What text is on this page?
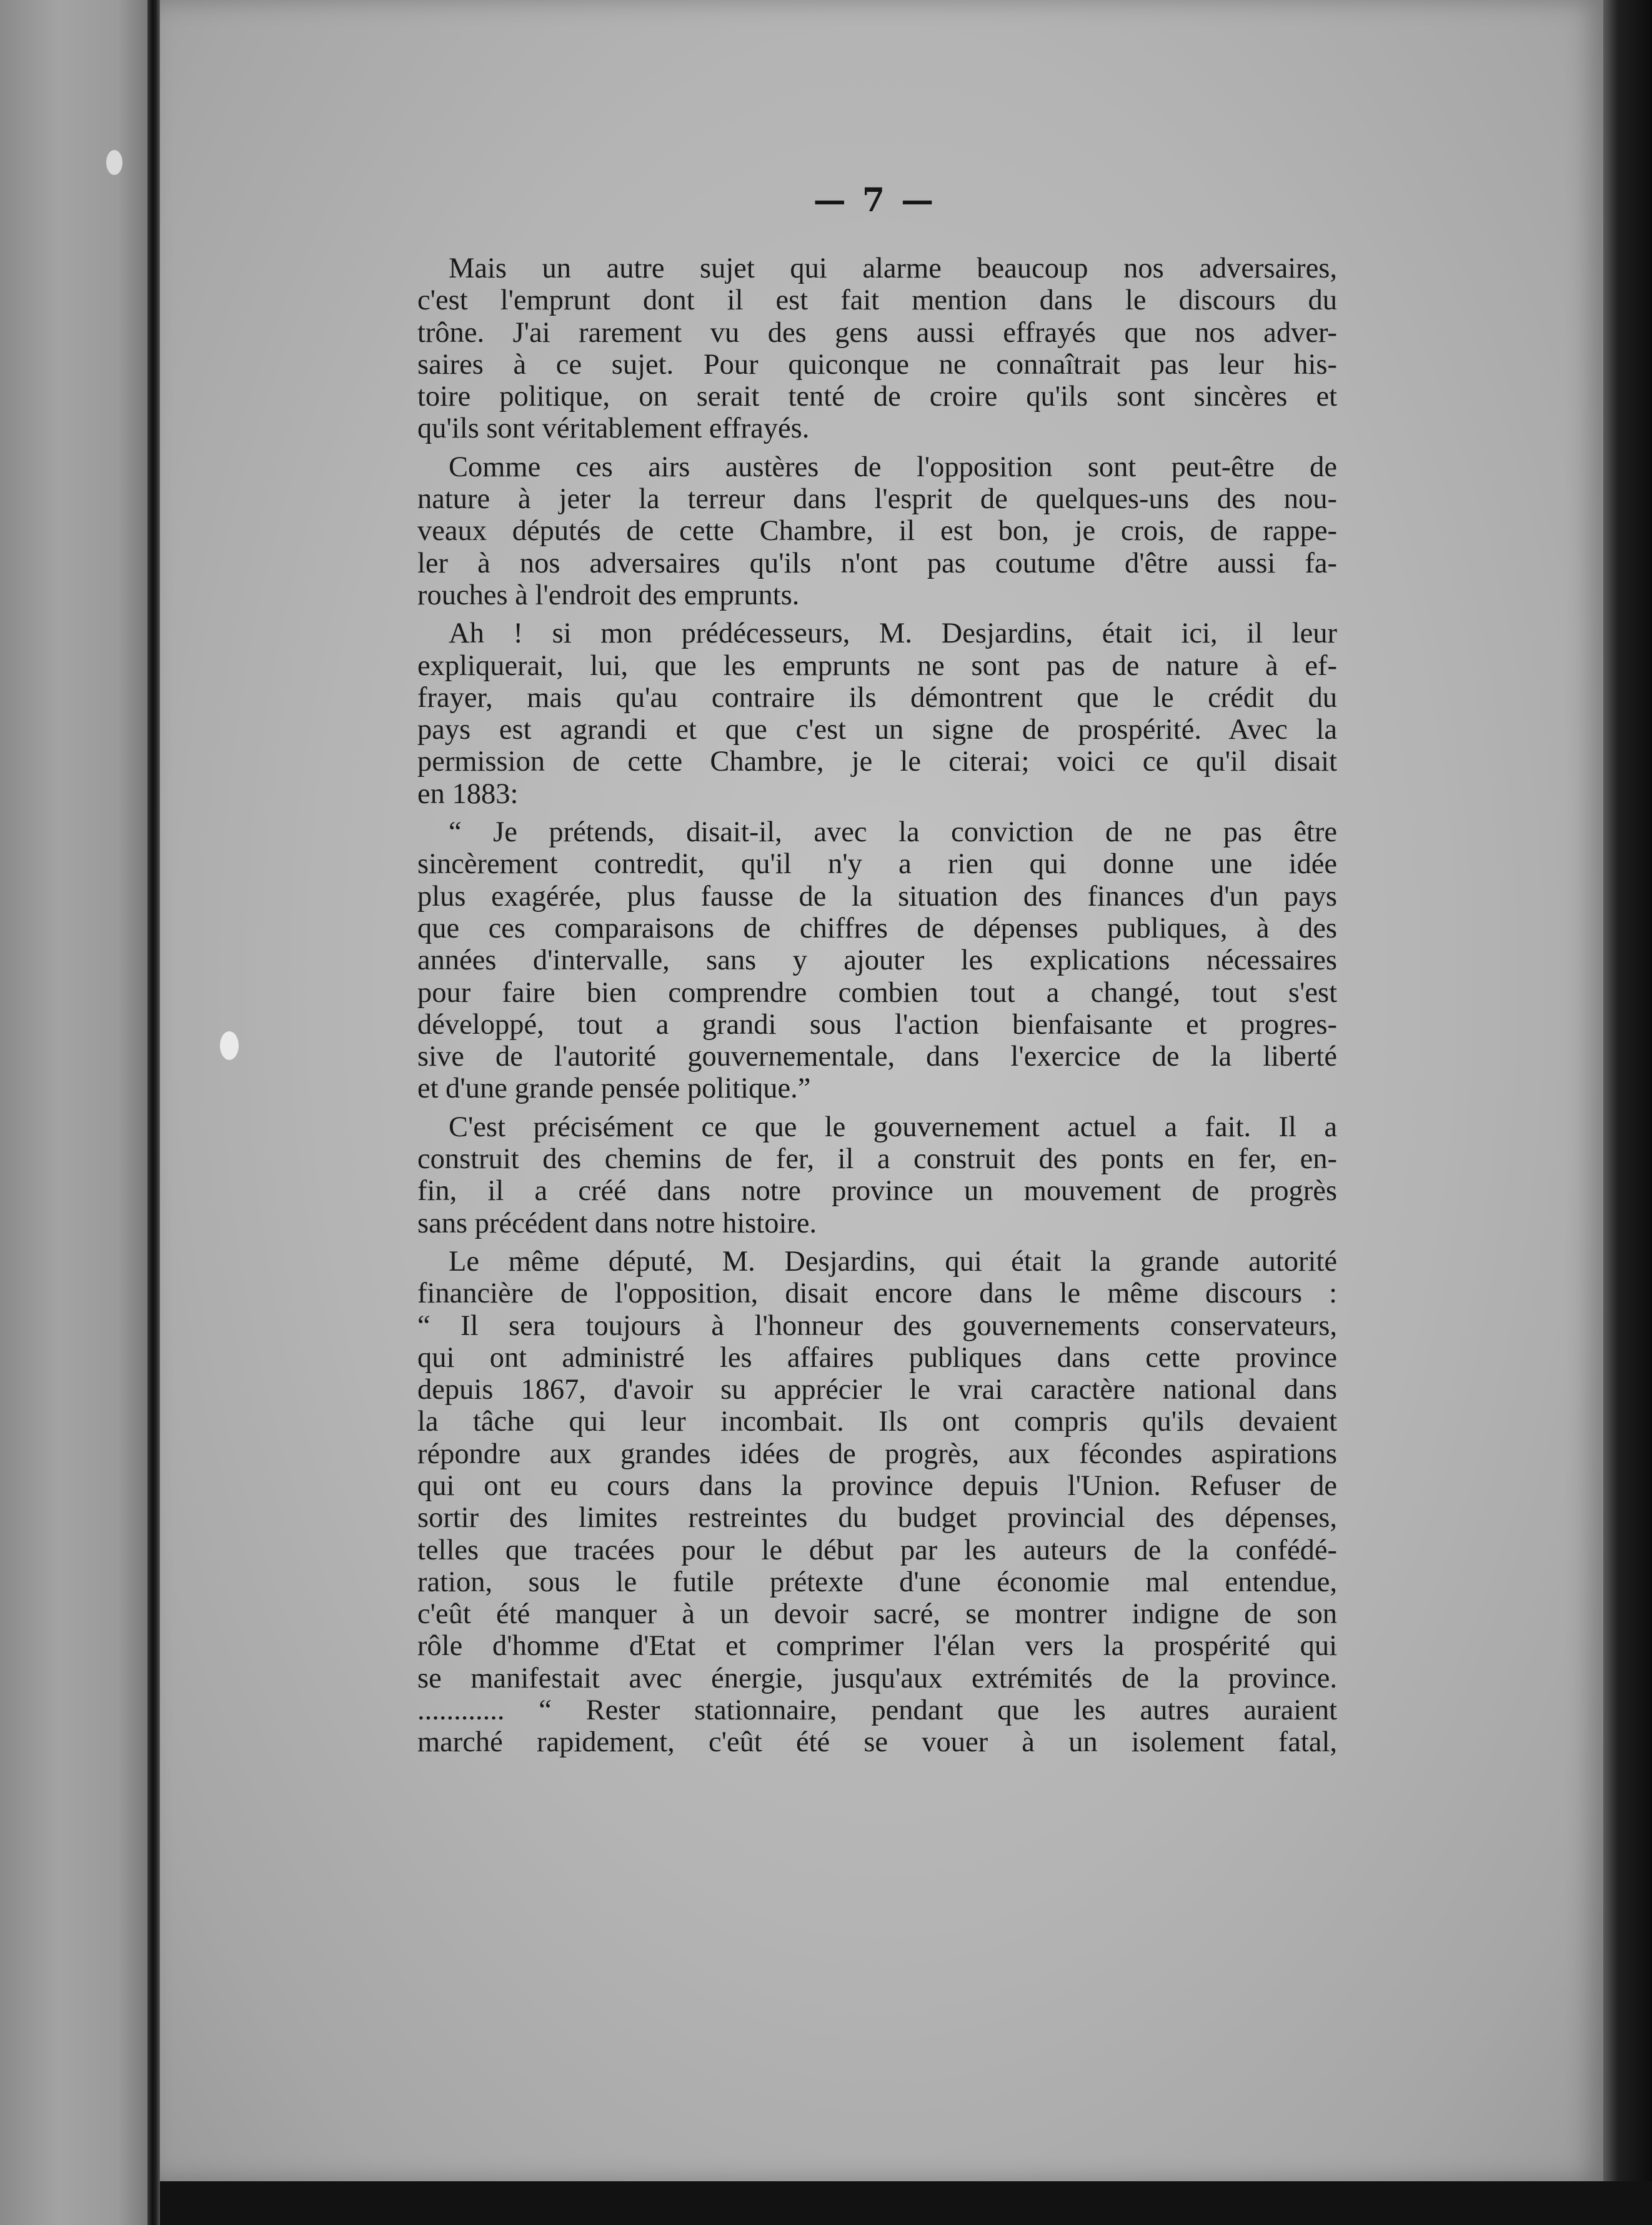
— 7 —
Mais un autre sujet qui alarme beaucoup nos adversaires,
c'est l'emprunt dont il est fait mention dans le discours du
trône. J'ai rarement vu des gens aussi effrayés que nos adver-
saires à ce sujet. Pour quiconque ne connaîtrait pas leur his-
toire politique, on serait tenté de croire qu'ils sont sincères et
qu'ils sont véritablement effrayés.
Comme ces airs austères de l'opposition sont peut-être de
nature à jeter la terreur dans l'esprit de quelques-uns des nou-
veaux députés de cette Chambre, il est bon, je crois, de rappe-
ler à nos adversaires qu'ils n'ont pas coutume d'être aussi fa-
rouches à l'endroit des emprunts.
Ah ! si mon prédécesseurs, M. Desjardins, était ici, il leur
expliquerait, lui, que les emprunts ne sont pas de nature à ef-
frayer, mais qu'au contraire ils démontrent que le crédit du
pays est agrandi et que c'est un signe de prospérité. Avec la
permission de cette Chambre, je le citerai; voici ce qu'il disait
en 1883:
“ Je prétends, disait-il, avec la conviction de ne pas être
sincèrement contredit, qu'il n'y a rien qui donne une idée
plus exagérée, plus fausse de la situation des finances d'un pays
que ces comparaisons de chiffres de dépenses publiques, à des
années d'intervalle, sans y ajouter les explications nécessaires
pour faire bien comprendre combien tout a changé, tout s'est
développé, tout a grandi sous l'action bienfaisante et progres-
sive de l'autorité gouvernementale, dans l'exercice de la liberté
et d'une grande pensée politique.”
C'est précisément ce que le gouvernement actuel a fait. Il a
construit des chemins de fer, il a construit des ponts en fer, en-
fin, il a créé dans notre province un mouvement de progrès
sans précédent dans notre histoire.
Le même député, M. Desjardins, qui était la grande autorité
financière de l'opposition, disait encore dans le même discours :
“ Il sera toujours à l'honneur des gouvernements conservateurs,
qui ont administré les affaires publiques dans cette province
depuis 1867, d'avoir su apprécier le vrai caractère national dans
la tâche qui leur incombait. Ils ont compris qu'ils devaient
répondre aux grandes idées de progrès, aux fécondes aspirations
qui ont eu cours dans la province depuis l'Union. Refuser de
sortir des limites restreintes du budget provincial des dépenses,
telles que tracées pour le début par les auteurs de la confédé-
ration, sous le futile prétexte d'une économie mal entendue,
c'eût été manquer à un devoir sacré, se montrer indigne de son
rôle d'homme d'Etat et comprimer l'élan vers la prospérité qui
se manifestait avec énergie, jusqu'aux extrémités de la province.
............ “ Rester stationnaire, pendant que les autres auraient
marché rapidement, c'eût été se vouer à un isolement fatal,
